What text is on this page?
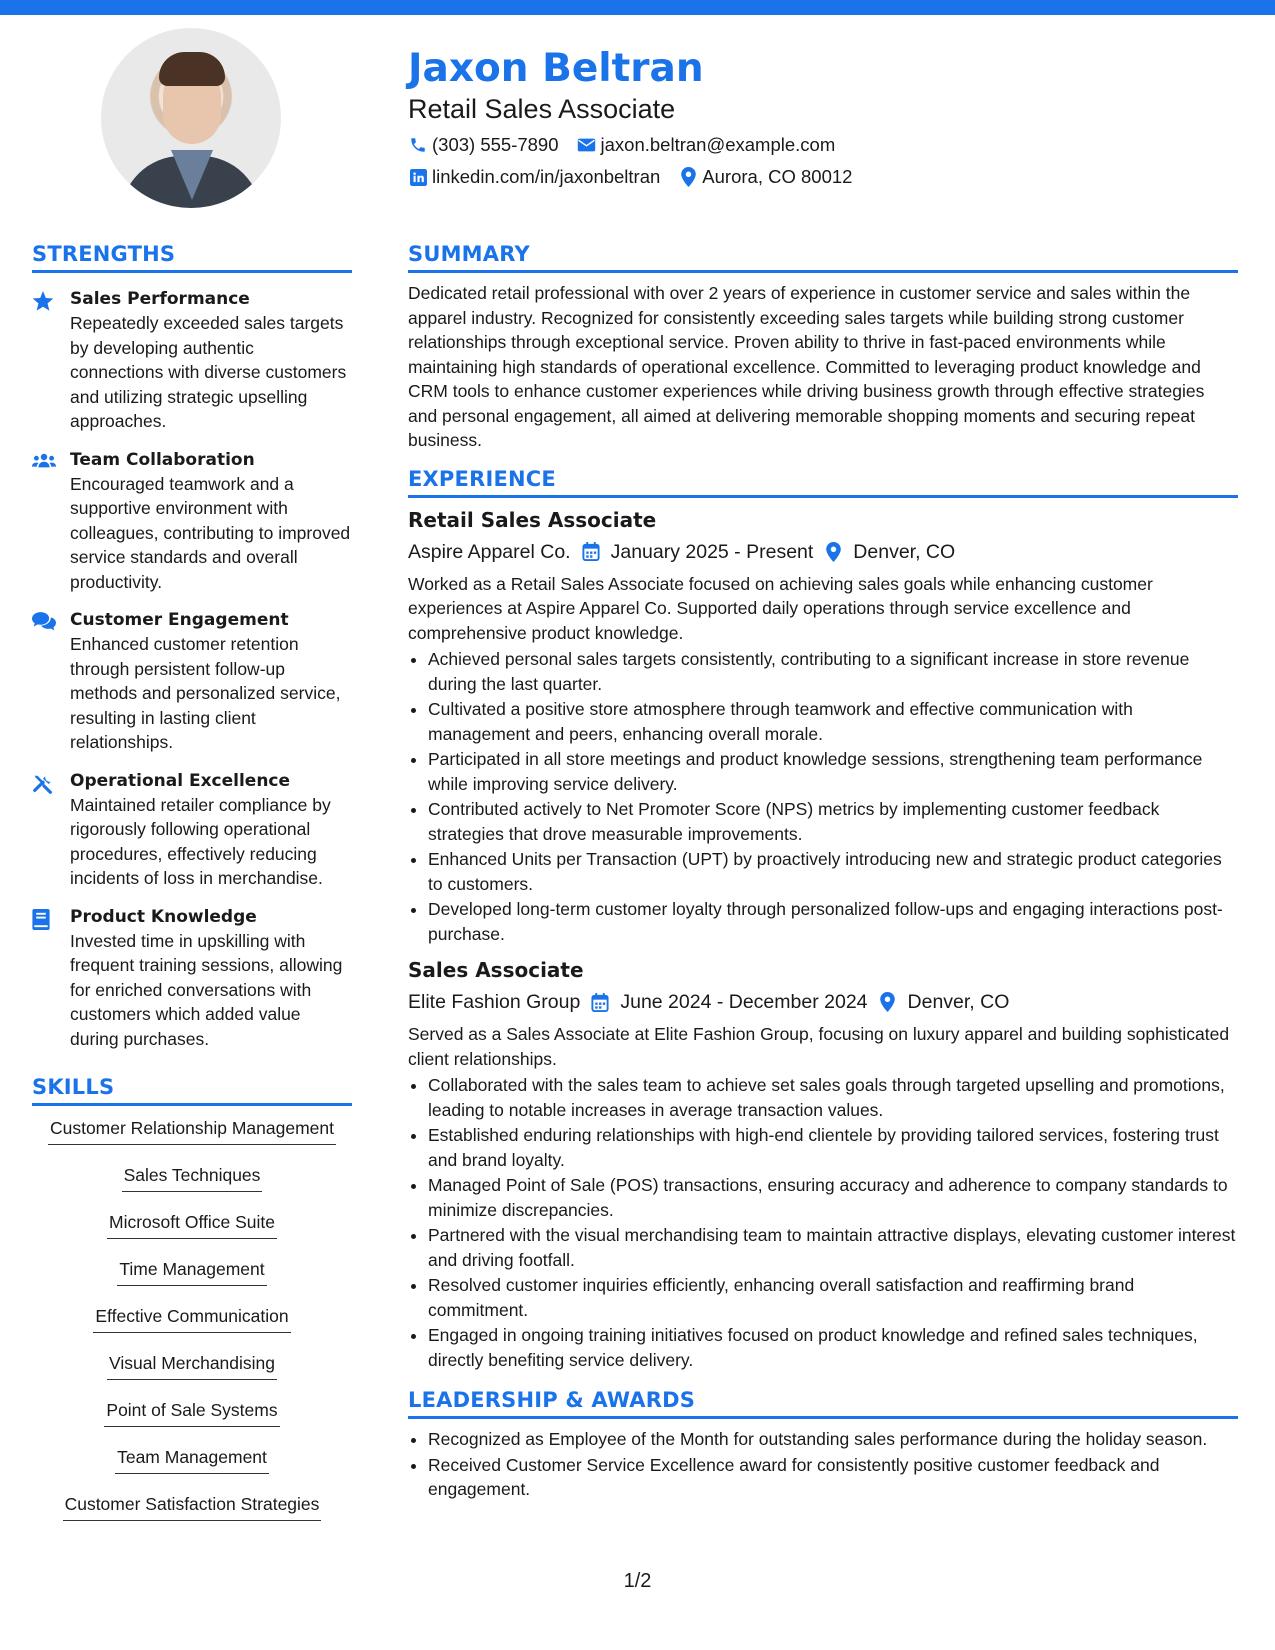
Jaxon Beltran
Retail Sales Associate
(303) 555-7890 jaxon.beltran@example.com
linkedin.com/in/jaxonbeltran Aurora, CO 80012
STRENGTHS
Sales Performance
Repeatedly exceeded sales targets by developing authentic connections with diverse customers and utilizing strategic upselling approaches.
Team Collaboration
Encouraged teamwork and a supportive environment with colleagues, contributing to improved service standards and overall productivity.
Customer Engagement
Enhanced customer retention through persistent follow-up methods and personalized service, resulting in lasting client relationships.
Operational Excellence
Maintained retailer compliance by rigorously following operational procedures, effectively reducing incidents of loss in merchandise.
Product Knowledge
Invested time in upskilling with frequent training sessions, allowing for enriched conversations with customers which added value during purchases.
SKILLS
Customer Relationship Management
Sales Techniques
Microsoft Office Suite
Time Management
Effective Communication
Visual Merchandising
Point of Sale Systems
Team Management
Customer Satisfaction Strategies
SUMMARY
Dedicated retail professional with over 2 years of experience in customer service and sales within the apparel industry. Recognized for consistently exceeding sales targets while building strong customer relationships through exceptional service. Proven ability to thrive in fast-paced environments while maintaining high standards of operational excellence. Committed to leveraging product knowledge and CRM tools to enhance customer experiences while driving business growth through effective strategies and personal engagement, all aimed at delivering memorable shopping moments and securing repeat business.
EXPERIENCE
Retail Sales Associate
Aspire Apparel Co. January 2025 - Present Denver, CO
Worked as a Retail Sales Associate focused on achieving sales goals while enhancing customer experiences at Aspire Apparel Co. Supported daily operations through service excellence and comprehensive product knowledge.
• Achieved personal sales targets consistently, contributing to a significant increase in store revenue during the last quarter.
• Cultivated a positive store atmosphere through teamwork and effective communication with management and peers, enhancing overall morale.
• Participated in all store meetings and product knowledge sessions, strengthening team performance while improving service delivery.
• Contributed actively to Net Promoter Score (NPS) metrics by implementing customer feedback strategies that drove measurable improvements.
• Enhanced Units per Transaction (UPT) by proactively introducing new and strategic product categories to customers.
• Developed long-term customer loyalty through personalized follow-ups and engaging interactions post-purchase.
Sales Associate
Elite Fashion Group June 2024 - December 2024 Denver, CO
Served as a Sales Associate at Elite Fashion Group, focusing on luxury apparel and building sophisticated client relationships.
• Collaborated with the sales team to achieve set sales goals through targeted upselling and promotions, leading to notable increases in average transaction values.
• Established enduring relationships with high-end clientele by providing tailored services, fostering trust and brand loyalty.
• Managed Point of Sale (POS) transactions, ensuring accuracy and adherence to company standards to minimize discrepancies.
• Partnered with the visual merchandising team to maintain attractive displays, elevating customer interest and driving footfall.
• Resolved customer inquiries efficiently, enhancing overall satisfaction and reaffirming brand commitment.
• Engaged in ongoing training initiatives focused on product knowledge and refined sales techniques, directly benefiting service delivery.
LEADERSHIP & AWARDS
• Recognized as Employee of the Month for outstanding sales performance during the holiday season.
• Received Customer Service Excellence award for consistently positive customer feedback and engagement.
1/2
